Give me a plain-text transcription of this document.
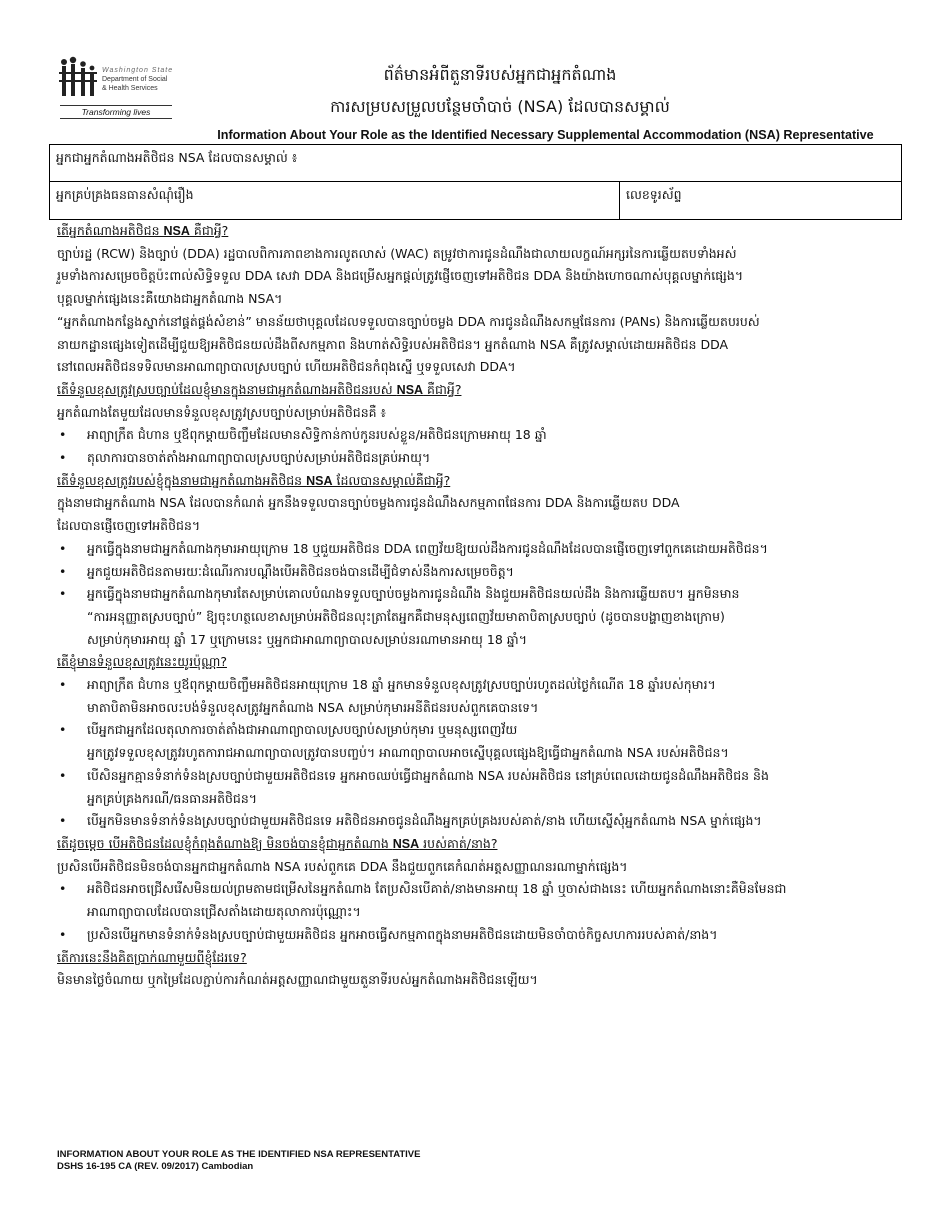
Washington State
Department of Social
& Health Services
Transforming lives
ព័ត៌មានអំពីតួនាទីរបស់អ្នកជាអ្នកតំណាង
ការសម្របសម្រួលបន្ថែមចាំបាច់ (NSA) ដែលបានសម្គាល់
Information About Your Role as the Identified Necessary Supplemental Accommodation (NSA) Representative
អ្នកជាអ្នកតំណាងអតិថិជន NSA ដែលបានសម្គាល់ ៖
អ្នកគ្រប់គ្រងធនធានសំណុំរឿង	លេខទូរស័ព្ទ
តើអ្នកតំណាងអតិថិជន NSA គឺជាអ្វី?
ច្បាប់រដ្ឋ (RCW) និងច្បាប់ (DDA) រដ្ឋបាលពិការភាពខាងការលូតលាស់ (WAC) តម្រូវថាការជូនដំណឹងជាលាយលក្ខណ៍អក្សរនៃការឆ្លើយតបទាំងអស់
រួមទាំងការសម្រេចចិត្តប៉ះពាល់សិទ្ធិទទួល DDA សេវា DDA និងជម្រើសអ្នកផ្តល់ត្រូវផ្ញើចេញទៅអតិថិជន DDA និងយ៉ាងហោចណាស់បុគ្គលម្នាក់ផ្សេង។
បុគ្គលម្នាក់ផ្សេងនេះគឺយោងជាអ្នកតំណាង NSA។
“អ្នកតំណាងកន្លែងស្នាក់នៅផ្គត់ផ្គង់សំខាន់” មានន័យថាបុគ្គលដែលទទួលបានច្បាប់ចម្លង DDA ការជូនដំណឹងសកម្មផែនការ (PANs) និងការឆ្លើយតបរបស់
នាយកដ្ឋានផ្សេងទៀតដើម្បីជួយឱ្យអតិថិជនយល់ដឹងពីសកម្មភាព និងហាត់សិទ្ធិរបស់អតិថិជន។ អ្នកតំណាង NSA គឺត្រូវសម្គាល់ដោយអតិថិជន DDA
នៅពេលអតិថិជនទទិលមានអាណាព្យាបាលស្របច្បាប់ ហើយអតិថិជនកំពុងស្នើ ឬទទួលសេវា DDA។
តើទំនួលខុសត្រូវស្របច្បាប់ដែលខ្ញុំមានក្នុងនាមជាអ្នកតំណាងអតិថិជនរបស់ NSA គឺជាអ្វី?
អ្នកតំណាងតែមួយដែលមានទំនួលខុសត្រូវស្របច្បាប់សម្រាប់អតិថិជនគឺ ៖
• អាព្យាក្រឹត ជំហាន ឬឪពុកម្តាយចិញ្ចឹមដែលមានសិទ្ធិកាន់កាប់កូនរបស់ខ្លួន/អតិថិជនក្រោមអាយុ 18 ឆ្នាំ
• តុលាការបានចាត់តាំងអាណាព្យាបាលស្របច្បាប់សម្រាប់អតិថិជនគ្រប់អាយុ។
តើទំនួលខុសត្រូវរបស់ខ្ញុំក្នុងនាមជាអ្នកតំណាងអតិថិជន NSA ដែលបានសម្គាល់គឺជាអ្វី?
ក្នុងនាមជាអ្នកតំណាង NSA ដែលបានកំណត់ អ្នកនឹងទទួលបានច្បាប់ចម្លងការជូនដំណឹងសកម្មភាពផែនការ DDA និងការឆ្លើយតប DDA
ដែលបានផ្ញើចេញទៅអតិថិជន។
• អ្នកធ្វើក្នុងនាមជាអ្នកតំណាងកុមារអាយុក្រោម 18 ឬជួយអតិថិជន DDA ពេញវ័យឱ្យយល់ដឹងការជូនដំណឹងដែលបានផ្ញើចេញទៅពួកគេដោយអតិថិជន។
• អ្នកជួយអតិថិជនតាមរយៈដំណើរការបណ្តឹងបើអតិថិជនចង់បានដើម្បីជំទាស់នឹងការសម្រេចចិត្ត។
• អ្នកធ្វើក្នុងនាមជាអ្នកតំណាងកុមារតែសម្រាប់គោលបំណងទទួលច្បាប់ចម្លងការជូនដំណឹង និងជួយអតិថិជនយល់ដឹង និងការឆ្លើយតប។ អ្នកមិនមាន
“ការអនុញ្ញាតស្របច្បាប់” ឱ្យចុះហត្ថលេខាសម្រាប់អតិថិជនលុះត្រាតែអ្នកគឺជាមនុស្សពេញវ័យមាតាបិតាស្របច្បាប់ (ដូចបានបង្ហាញខាងក្រោម)
សម្រាប់កុមារអាយុ ឆ្នាំ 17 ឬក្រោមនេះ ឬអ្នកជាអាណាព្យាបាលសម្រាប់នរណាមានអាយុ 18 ឆ្នាំ។
តើខ្ញុំមានទំនួលខុសត្រូវនេះយូរប៉ុណ្ណា?
• អាព្យាក្រឹត ជំហាន ឬឪពុកម្តាយចិញ្ចឹមអតិថិជនអាយុក្រោម 18 ឆ្នាំ អ្នកមានទំនួលខុសត្រូវស្របច្បាប់រហូតដល់ថ្ងៃកំណើត 18 ឆ្នាំរបស់កុមារ។
មាតាបិតាមិនអាចលះបង់ទំនួលខុសត្រូវអ្នកតំណាង NSA សម្រាប់កុមារអនីតិជនរបស់ពួកគេបានទេ។
• បើអ្នកជាអ្នកដែលតុលាការចាត់តាំងជាអាណាព្យាបាលស្របច្បាប់សម្រាប់កុមារ ឬមនុស្សពេញវ័យ
អ្នកត្រូវទទួលខុសត្រូវរហូតការាជអាណាព្យាបាលត្រូវបានបញ្ចប់។ អាណាព្យាបាលអាចស្នើបុគ្គលផ្សេងឱ្យធ្វើជាអ្នកតំណាង NSA របស់អតិថិជន។
• បើសិនអ្នកគ្មានទំនាក់ទំនងស្របច្បាប់ជាមួយអតិថិជនទេ អ្នកអាចឈប់ធ្វើជាអ្នកតំណាង NSA របស់អតិថិជន នៅគ្រប់ពេលដោយជូនដំណឹងអតិថិជន និង
អ្នកគ្រប់គ្រងករណី/ធនធានអតិថិជន។
• បើអ្នកមិនមានទំនាក់ទំនងស្របច្បាប់ជាមួយអតិថិជនទេ អតិថិជនអាចជូនដំណឹងអ្នកគ្រប់គ្រងរបស់គាត់/នាង ហើយស្នើសុំអ្នកតំណាង NSA ម្នាក់ផ្សេង។
តើដូចម្តេច បើអតិថិជនដែលខ្ញុំកំពុងតំណាងឱ្យ មិនចង់បានខ្ញុំជាអ្នកតំណាង NSA របស់គាត់/នាង?
ប្រសិនបើអតិថិជនមិនចង់បានអ្នកជាអ្នកតំណាង NSA របស់ពួកគេ DDA នឹងជួយពួកគេកំណត់អត្តសញ្ញាណនរណាម្នាក់ផ្សេង។
• អតិថិជនអាចជ្រើសរើសមិនយល់ព្រមតាមជម្រើសនៃអ្នកតំណាង តែប្រសិនបើគាត់/នាងមានអាយុ 18 ឆ្នាំ ឬចាស់ជាងនេះ ហើយអ្នកតំណាងនោះគឺមិនមែនជា
អាណាព្យាបាលដែលបានជ្រើសតាំងដោយតុលាការប៉ុណ្ណោះ។
• ប្រសិនបើអ្នកមានទំនាក់ទំនងស្របច្បាប់ជាមួយអតិថិជន អ្នកអាចធ្វើសកម្មភាពក្នុងនាមអតិថិជនដោយមិនចាំបាច់កិច្ចសហការរបស់គាត់/នាង។
តើការនេះនឹងគិតប្រាក់ណាមួយពីខ្ញុំដែរទេ?
មិនមានថ្លៃចំណាយ ឬកម្រៃដែលភ្ជាប់ការកំណត់អត្តសញ្ញាណជាមួយតួនាទីរបស់អ្នកតំណាងអតិថិជនឡើយ។
INFORMATION ABOUT YOUR ROLE AS THE IDENTIFIED NSA REPRESENTATIVE
DSHS 16-195 CA (REV. 09/2017) Cambodian
